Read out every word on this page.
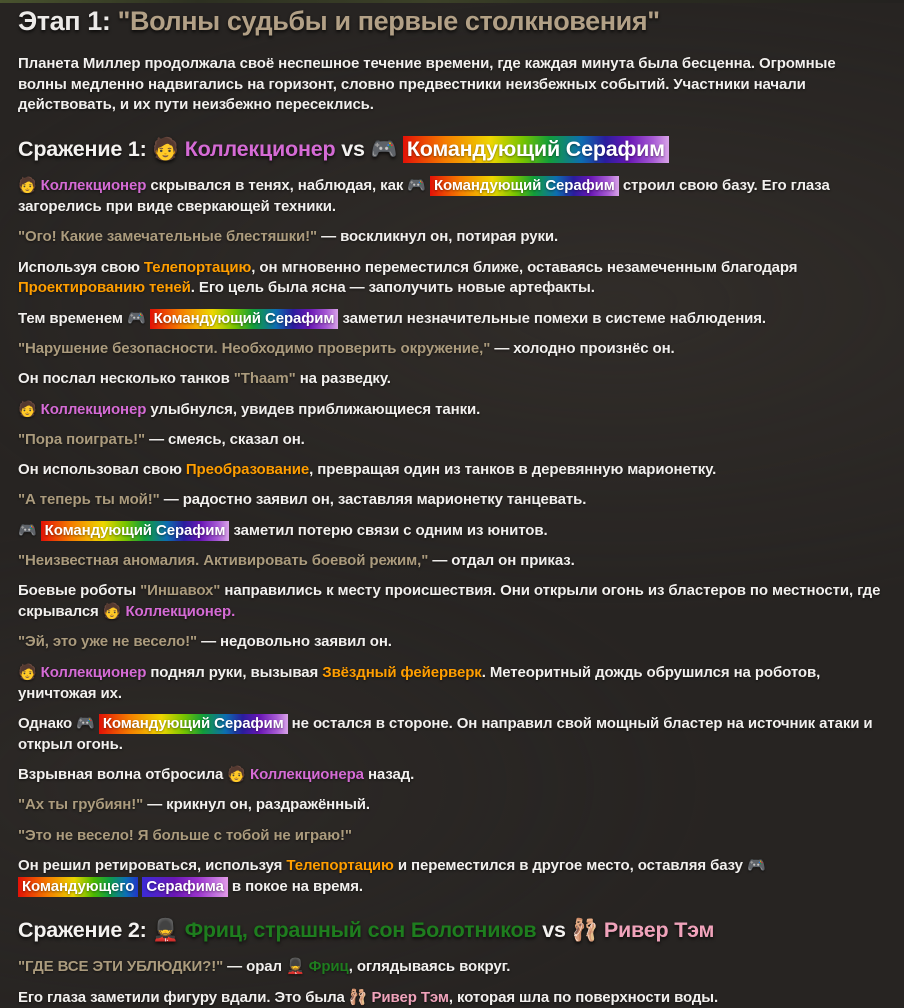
Этап 1: "Волны судьбы и первые столкновения"

Планета Миллер продолжала своё неспешное течение времени, где каждая минута была бесценна. Огромные волны медленно надвигались на горизонт, словно предвестники неизбежных событий. Участники начали действовать, и их пути неизбежно пересеклись.

Сражение 1: 🧑 Коллекционер vs 🎮 Командующий Серафим

🧑 Коллекционер скрывался в тенях, наблюдая, как 🎮 Командующий Серафим строил свою базу. Его глаза загорелись при виде сверкающей техники.

"Ого! Какие замечательные блестяшки!" — воскликнул он, потирая руки.

Используя свою Телепортацию, он мгновенно переместился ближе, оставаясь незамеченным благодаря Проектированию теней. Его цель была ясна — заполучить новые артефакты.

Тем временем 🎮 Командующий Серафим заметил незначительные помехи в системе наблюдения.

"Нарушение безопасности. Необходимо проверить окружение," — холодно произнёс он.

Он послал несколько танков "Thaam" на разведку.

🧑 Коллекционер улыбнулся, увидев приближающиеся танки.

"Пора поиграть!" — смеясь, сказал он.

Он использовал свою Преобразование, превращая один из танков в деревянную марионетку.

"А теперь ты мой!" — радостно заявил он, заставляя марионетку танцевать.

🎮 Командующий Серафим заметил потерю связи с одним из юнитов.

"Неизвестная аномалия. Активировать боевой режим," — отдал он приказ.

Боевые роботы "Иншавох" направились к месту происшествия. Они открыли огонь из бластеров по местности, где скрывался 🧑 Коллекционер.

"Эй, это уже не весело!" — недовольно заявил он.

🧑 Коллекционер поднял руки, вызывая Звёздный фейерверк. Метеоритный дождь обрушился на роботов, уничтожая их.

Однако 🎮 Командующий Серафим не остался в стороне. Он направил свой мощный бластер на источник атаки и открыл огонь.

Взрывная волна отбросила 🧑 Коллекционера назад.

"Ах ты грубиян!" — крикнул он, раздражённый.

"Это не весело! Я больше с тобой не играю!"

Он решил ретироваться, используя Телепортацию и переместился в другое место, оставляя базу 🎮 Командующего Серафима в покое на время.

Сражение 2: 💂 Фриц, страшный сон Болотников vs 🩰 Ривер Тэм

"ГДЕ ВСЕ ЭТИ УБЛЮДКИ?!" — орал 💂 Фриц, оглядываясь вокруг.

Его глаза заметили фигуру вдали. Это была 🩰 Ривер Тэм, которая шла по поверхности воды.
